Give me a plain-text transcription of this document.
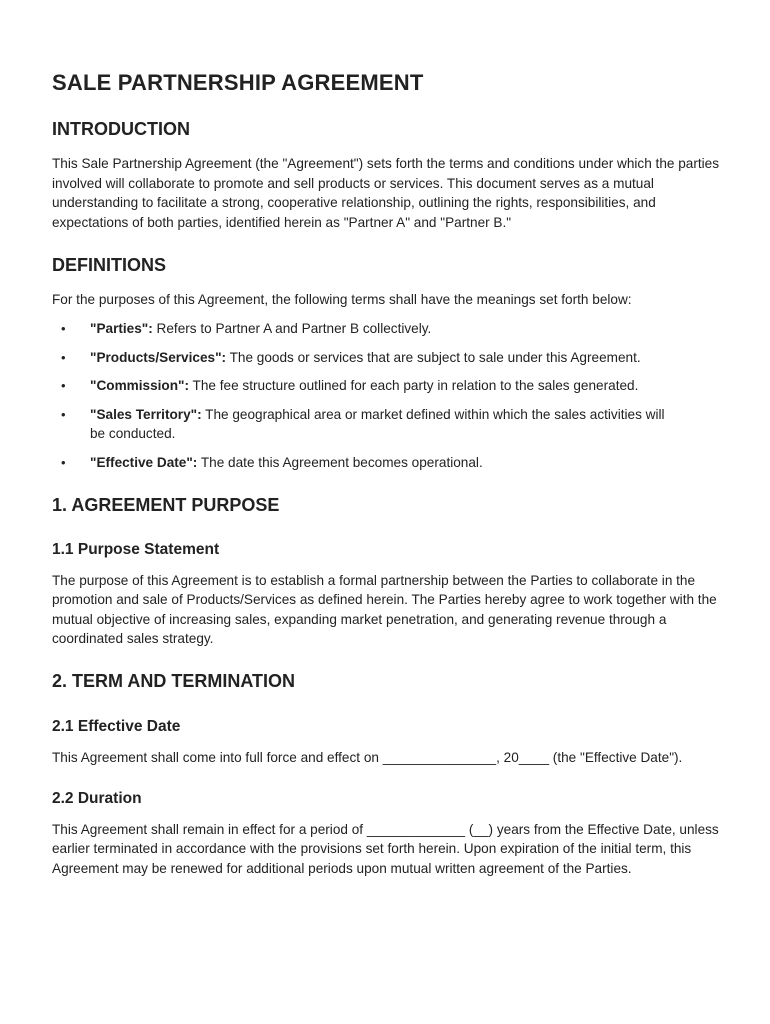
SALE PARTNERSHIP AGREEMENT
INTRODUCTION

This Sale Partnership Agreement (the "Agreement") sets forth the terms and conditions under which the parties involved will collaborate to promote and sell products or services. This document serves as a mutual understanding to facilitate a strong, cooperative relationship, outlining the rights, responsibilities, and expectations of both parties, identified herein as "Partner A" and "Partner B."

DEFINITIONS

For the purposes of this Agreement, the following terms shall have the meanings set forth below:

• "Parties": Refers to Partner A and Partner B collectively.
• "Products/Services": The goods or services that are subject to sale under this Agreement.
• "Commission": The fee structure outlined for each party in relation to the sales generated.
• "Sales Territory": The geographical area or market defined within which the sales activities will be conducted.
• "Effective Date": The date this Agreement becomes operational.
1. AGREEMENT PURPOSE
1.1 Purpose Statement

The purpose of this Agreement is to establish a formal partnership between the Parties to collaborate in the promotion and sale of Products/Services as defined herein. The Parties hereby agree to work together with the mutual objective of increasing sales, expanding market penetration, and generating revenue through a coordinated sales strategy.

2. TERM AND TERMINATION
2.1 Effective Date

This Agreement shall come into full force and effect on _______________, 20____ (the "Effective Date").

2.2 Duration

This Agreement shall remain in effect for a period of _____________ (__) years from the Effective Date, unless earlier terminated in accordance with the provisions set forth herein. Upon expiration of the initial term, this Agreement may be renewed for additional periods upon mutual written agreement of the Parties.
